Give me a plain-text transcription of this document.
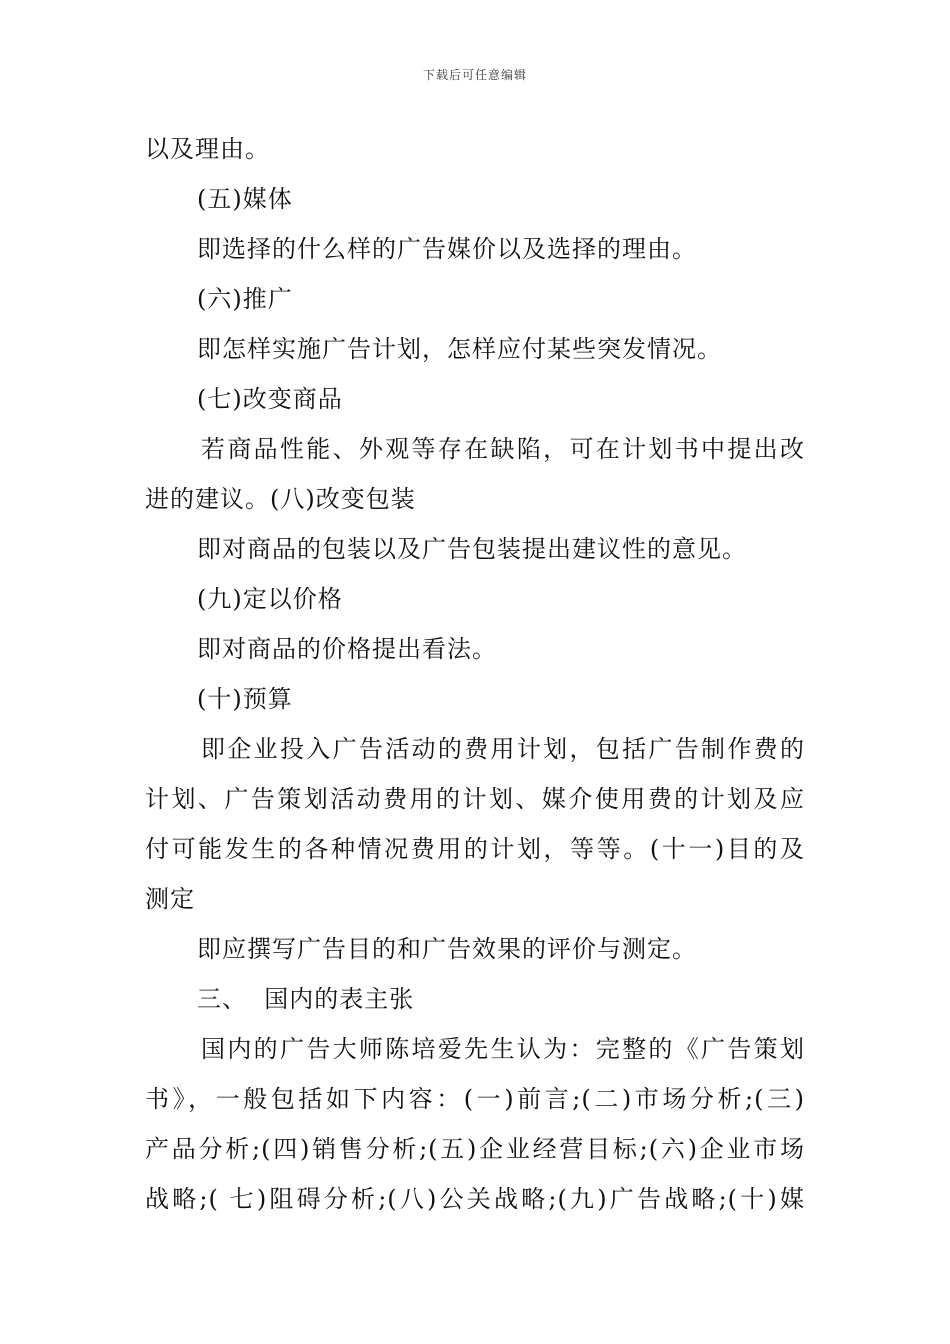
下载后可任意编辑
以及理由。
(五)媒体
即选择的什么样的广告媒价以及选择的理由。
(六)推广
即怎样实施广告计划，怎样应付某些突发情况。
(七)改变商品
若商品性能、外观等存在缺陷，可在计划书中提出改
进的建议。(八)改变包装
即对商品的包装以及广告包装提出建议性的意见。
(九)定以价格
即对商品的价格提出看法。
(十)预算
即企业投入广告活动的费用计划，包括广告制作费的
计划、广告策划活动费用的计划、媒介使用费的计划及应
付可能发生的各种情况费用的计划，等等。(十一)目的及
测定
即应撰写广告目的和广告效果的评价与测定。
三、  国内的表主张
国内的广告大师陈培爱先生认为：完整的《广告策划
书》，一般包括如下内容：(一)前言;(二)市场分析;(三)
产品分析;(四)销售分析;(五)企业经营目标;(六)企业市场
战略;( 七)阻碍分析;(八)公关战略;(九)广告战略;(十)媒
